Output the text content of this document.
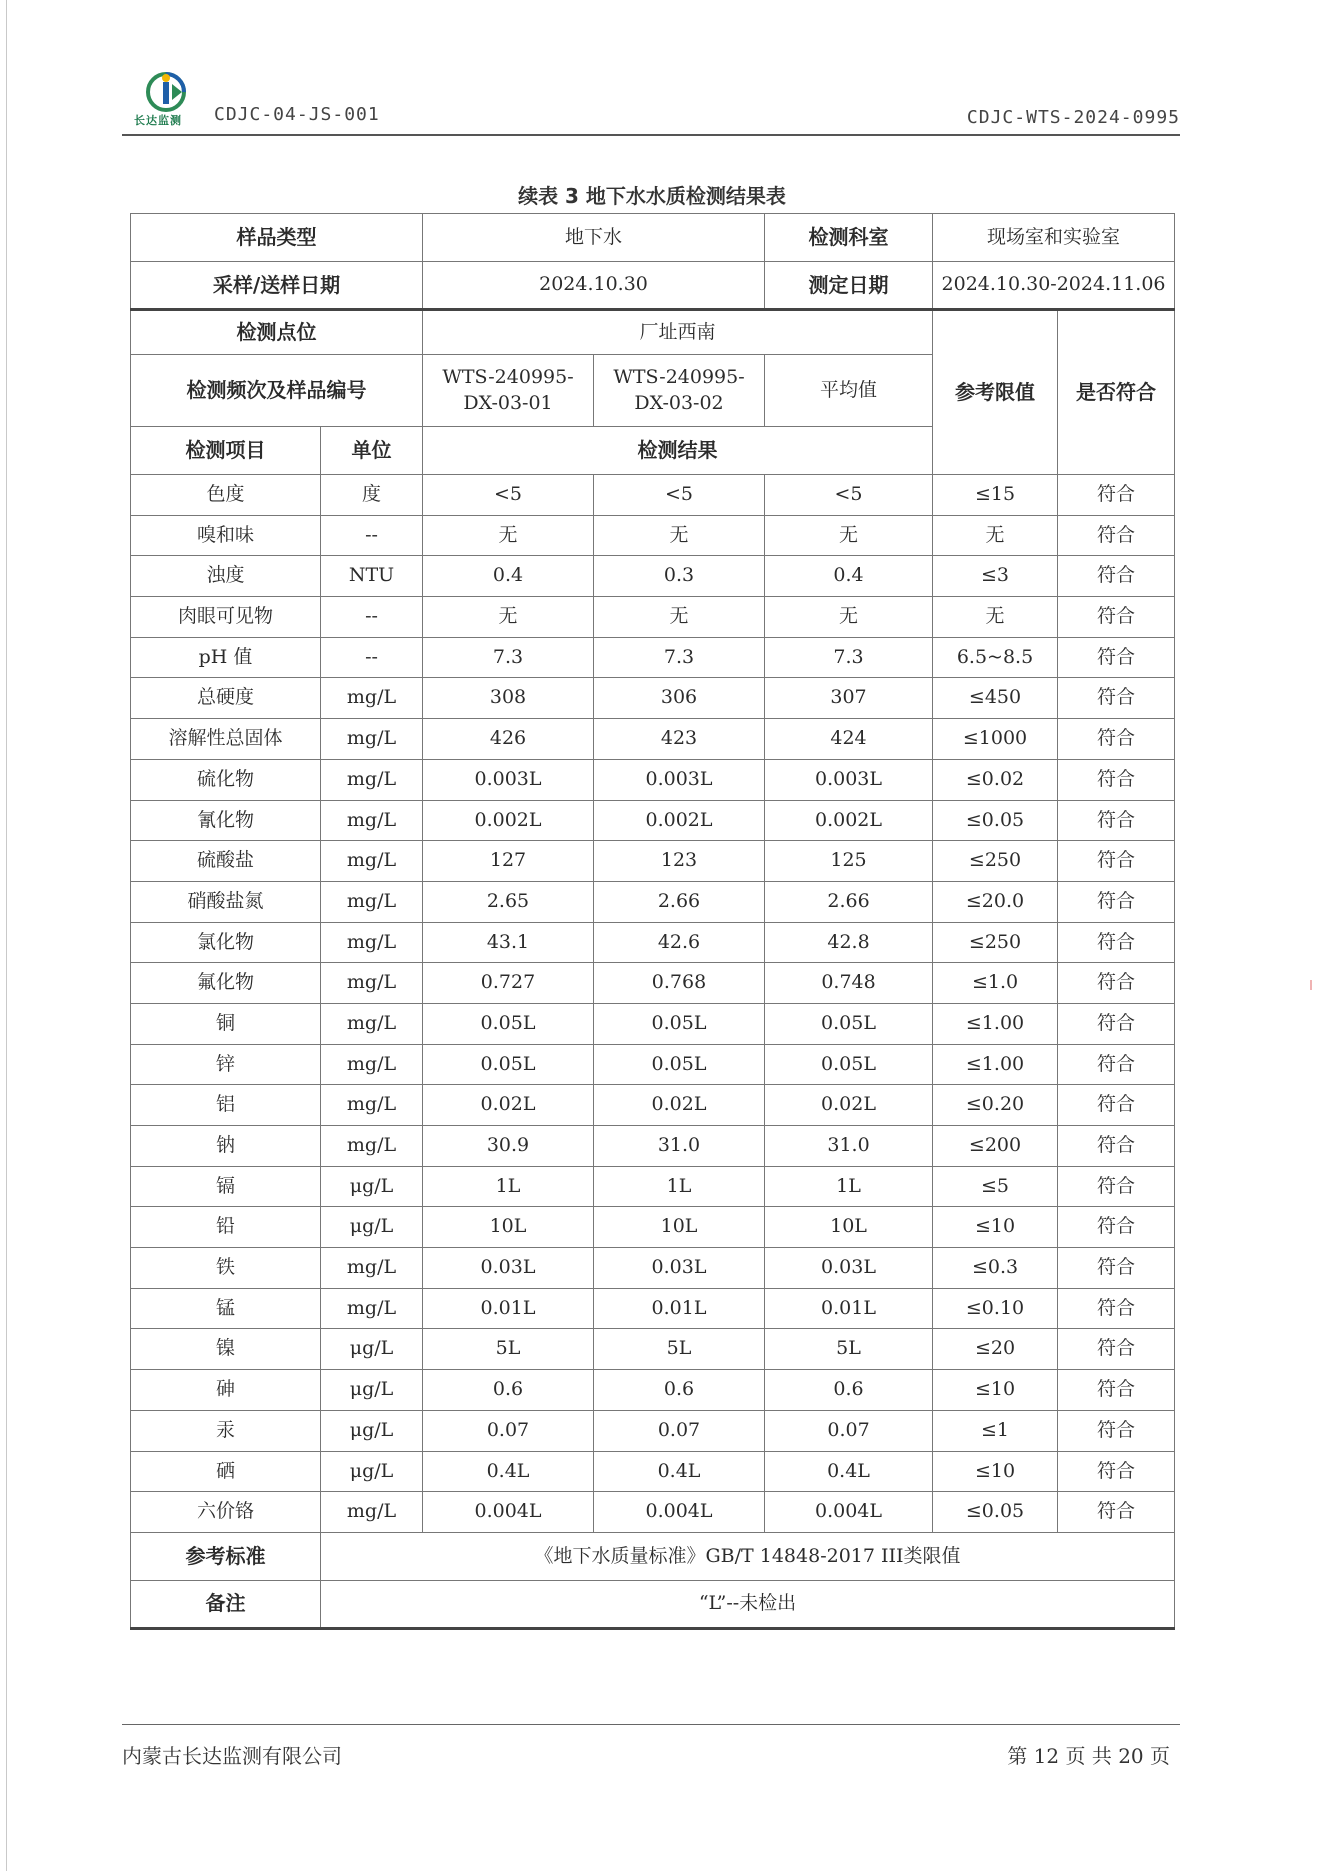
长达监测 CDJC-04-JS-001	CDJC-WTS-2024-0995
续表 3 地下水水质检测结果表
样品类型		地下水		检测科室	现场室和实验室	
采样/送样日期		2024.10.30		测定日期	2024.10.30-2024.11.06	
检测点位		厂址西南			参考限值	是否符合
检测频次及样品编号		WTS-240995-DX-03-01	WTS-240995-DX-03-02	平均值		
检测项目	单位	检测结果				
色度	度	<5	<5	<5	≤15	符合
嗅和味	--	无	无	无	无	符合
浊度	NTU	0.4	0.3	0.4	≤3	符合
肉眼可见物	--	无	无	无	无	符合
pH 值	--	7.3	7.3	7.3	6.5~8.5	符合
总硬度	mg/L	308	306	307	≤450	符合
溶解性总固体	mg/L	426	423	424	≤1000	符合
硫化物	mg/L	0.003L	0.003L	0.003L	≤0.02	符合
氰化物	mg/L	0.002L	0.002L	0.002L	≤0.05	符合
硫酸盐	mg/L	127	123	125	≤250	符合
硝酸盐氮	mg/L	2.65	2.66	2.66	≤20.0	符合
氯化物	mg/L	43.1	42.6	42.8	≤250	符合
氟化物	mg/L	0.727	0.768	0.748	≤1.0	符合
铜	mg/L	0.05L	0.05L	0.05L	≤1.00	符合
锌	mg/L	0.05L	0.05L	0.05L	≤1.00	符合
铝	mg/L	0.02L	0.02L	0.02L	≤0.20	符合
钠	mg/L	30.9	31.0	31.0	≤200	符合
镉	μg/L	1L	1L	1L	≤5	符合
铅	μg/L	10L	10L	10L	≤10	符合
铁	mg/L	0.03L	0.03L	0.03L	≤0.3	符合
锰	mg/L	0.01L	0.01L	0.01L	≤0.10	符合
镍	μg/L	5L	5L	5L	≤20	符合
砷	μg/L	0.6	0.6	0.6	≤10	符合
汞	μg/L	0.07	0.07	0.07	≤1	符合
硒	μg/L	0.4L	0.4L	0.4L	≤10	符合
六价铬	mg/L	0.004L	0.004L	0.004L	≤0.05	符合
参考标准	《地下水质量标准》GB/T 14848-2017 III类限值					
备注	“L”--未检出					
内蒙古长达监测有限公司	第 12 页 共 20 页
